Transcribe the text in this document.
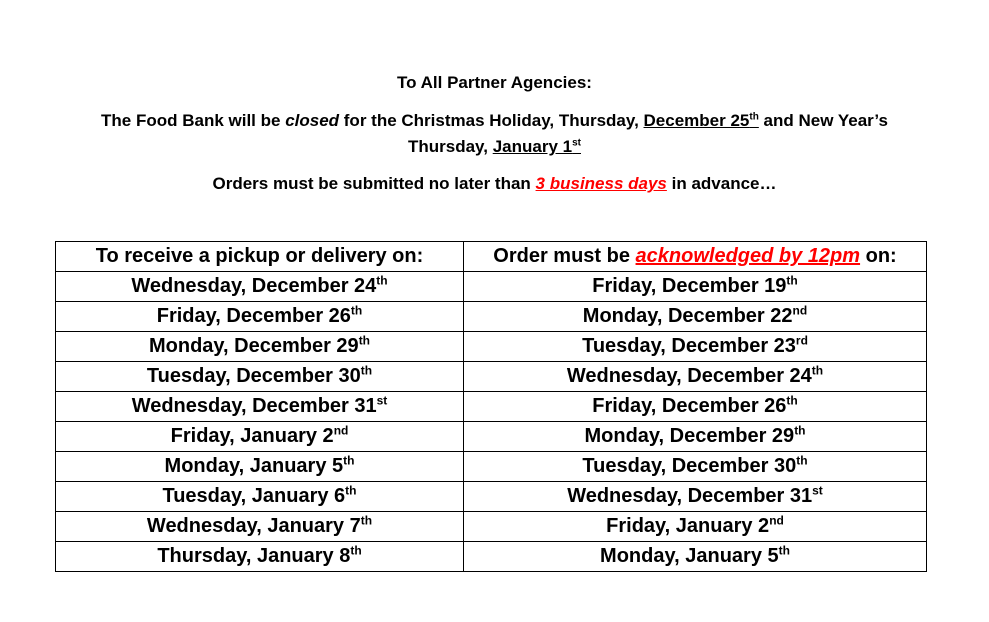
To All Partner Agencies:
The Food Bank will be closed for the Christmas Holiday, Thursday, December 25th and New Year’s
Thursday, January 1st
Orders must be submitted no later than 3 business days in advance…
To receive a pickup or delivery on:	Order must be acknowledged by 12pm on:
Wednesday, December 24th	Friday, December 19th
Friday, December 26th	Monday, December 22nd
Monday, December 29th	Tuesday, December 23rd
Tuesday, December 30th	Wednesday, December 24th
Wednesday, December 31st	Friday, December 26th
Friday, January 2nd	Monday, December 29th
Monday, January 5th	Tuesday, December 30th
Tuesday, January 6th	Wednesday, December 31st
Wednesday, January 7th	Friday, January 2nd
Thursday, January 8th	Monday, January 5th
